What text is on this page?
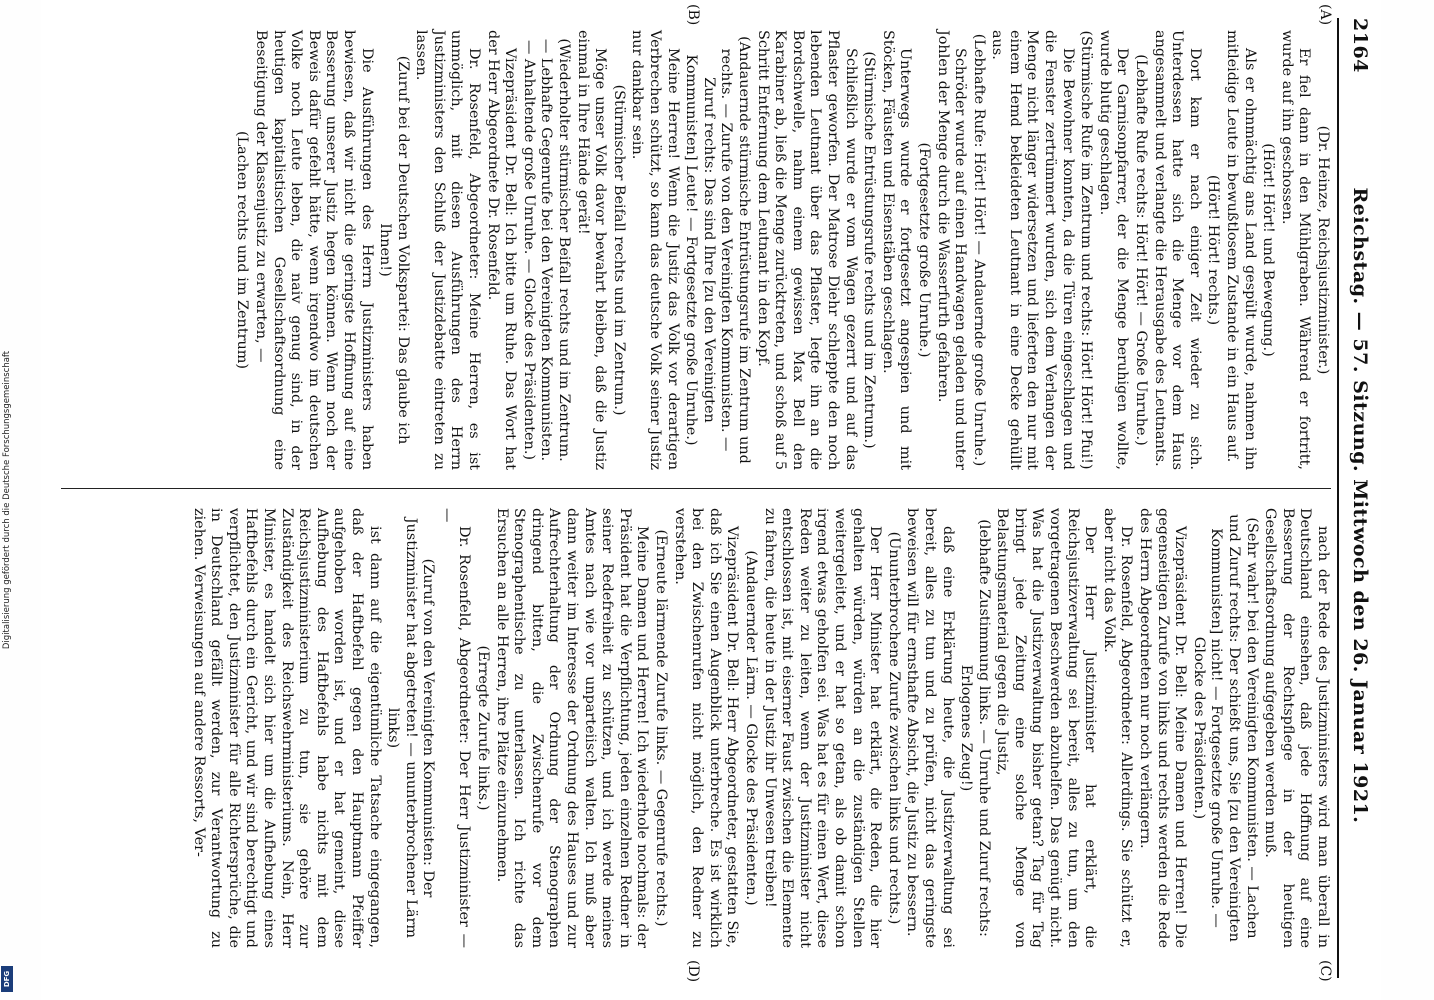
Digitalisierung gefördert durch die Deutsche Forschungsgemeinschaft
DFG
2164
Reichstag. — 57. Sitzung. Mittwoch den 26. Januar 1921.
(A)
(B)
(C)
(D)

(Dr. Heinze, Reichsjustizminister.)

Er fiel dann in den Mühlgraben. Während er fortritt, wurde auf ihn geschossen.

(Hört! Hört! und Bewegung.)

Als er ohnmächtig ans Land gespült wurde, nahmen ihn mitleidige Leute in bewußtlosem Zustande in ein Haus auf.

(Hört! Hört! rechts.)

Dort kam er nach einiger Zeit wieder zu sich. Unterdessen hatte sich die Menge vor dem Haus angesammelt und verlangte die Herausgabe des Leutnants.

(Lebhafte Rufe rechts: Hört! Hört! — Große Unruhe.)

Der Garnisonpfarrer, der die Menge beruhigen wollte, wurde blutig geschlagen.

(Stürmische Rufe im Zentrum und rechts: Hört! Hört! Pfui!)

Die Bewohner konnten, da die Türen eingeschlagen und die Fenster zertrümmert wurden, sich dem Verlangen der Menge nicht länger widersetzen und lieferten den nur mit einem Hemd bekleideten Leutnant in eine Decke gehüllt aus.

(Lebhafte Rufe: Hört! Hört! — Andauernde große Unruhe.)

Schröder wurde auf einen Handwagen geladen und unter Johlen der Menge durch die Wasserfurth gefahren.

(Fortgesetzte große Unruhe.)

Unterwegs wurde er fortgesetzt angespien und mit Stöcken, Fäusten und Eisenstäben geschlagen.

(Stürmische Entrüstungsrufe rechts und im Zentrum.)

Schließlich wurde er vom Wagen gezerrt und auf das Pflaster geworfen. Der Matrose Diehr schleppte den noch lebenden Leutnant über das Pflaster, legte ihn an die Bordschwelle, nahm einem gewissen Max Bell den Karabiner ab, ließ die Menge zurücktreten, und schoß auf 5 Schritt Entfernung dem Leutnant in den Kopf.

(Andauernde stürmische Entrüstungsrufe im Zentrum und rechts. — Zurufe von den Vereinigten Kommunisten. — Zuruf rechts: Das sind Ihre [zu den Vereinigten Kommunisten] Leute! — Fortgesetzte große Unruhe.)

Meine Herren! Wenn die Justiz das Volk vor derartigen Verbrechen schützt, so kann das deutsche Volk seiner Justiz nur dankbar sein.

(Stürmischer Beifall rechts und im Zentrum.)

Möge unser Volk davor bewahrt bleiben, daß die Justiz einmal in Ihre Hände gerät!

(Wiederholter stürmischer Beifall rechts und im Zentrum. — Lebhafte Gegenrufe bei den Vereinigten Kommunisten. — Anhaltende große Unruhe. — Glocke des Präsidenten.)

Vizepräsident Dr. Bell: Ich bitte um Ruhe. Das Wort hat der Herr Abgeordnete Dr. Rosenfeld.

Dr. Rosenfeld, Abgeordneter: Meine Herren, es ist unmöglich, mit diesen Ausführungen des Herrn Justizministers den Schluß der Justizdebatte eintreten zu lassen.

(Zuruf bei der Deutschen Volkspartei: Das glaube ich Ihnen!)

Die Ausführungen des Herrn Justizministers haben bewiesen, daß wir nicht die geringste Hoffnung auf eine Besserung unserer Justiz hegen können. Wenn noch der Beweis dafür gefehlt hätte, wenn irgendwo im deutschen Volke noch Leute leben, die naiv genug sind, in der heutigen kapitalistischen Gesellschaftsordnung eine Beseitigung der Klassenjustiz zu erwarten, —

(Lachen rechts und im Zentrum)

nach der Rede des Justizministers wird man überall in Deutschland einsehen, daß jede Hoffnung auf eine Besserung der Rechtspflege in der heutigen Gesellschaftsordnung aufgegeben werden muß.

(Sehr wahr! bei den Vereinigten Kommunisten. — Lachen und Zuruf rechts: Der schießt uns, Sie [zu den Vereinigten Kommunisten] nicht! — Fortgesetzte große Unruhe. — Glocke des Präsidenten.)

Vizepräsident Dr. Bell: Meine Damen und Herren! Die gegenseitigen Zurufe von links und rechts werden die Rede des Herrn Abgeordneten nur noch verlängern.

Dr. Rosenfeld, Abgeordneter: Allerdings. Sie schützt er, aber nicht das Volk.

Der Herr Justizminister hat erklärt, die Reichsjustizverwaltung sei bereit, alles zu tun, um den vorgetragenen Beschwerden abzuhelfen. Das genügt nicht. Was hat die Justizverwaltung bisher getan? Tag für Tag bringt jede Zeitung eine solche Menge von Belastungsmaterial gegen die Justiz,

(lebhafte Zustimmung links. — Unruhe und Zuruf rechts: Erlogenes Zeug!)

daß eine Erklärung heute, die Justizverwaltung sei bereit, alles zu tun und zu prüfen, nicht das geringste beweisen will für ernsthafte Absicht, die Justiz zu bessern.

(Ununterbrochene Zurufe zwischen links und rechts.)

Der Herr Minister hat erklärt, die Reden, die hier gehalten würden, würden an die zuständigen Stellen weitergeleitet, und er hat so getan, als ob damit schon irgend etwas geholfen sei. Was hat es für einen Wert, diese Reden weiter zu leiten, wenn der Justizminister nicht entschlossen ist, mit eiserner Faust zwischen die Elemente zu fahren, die heute in der Justiz ihr Unwesen treiben!

(Andauernder Lärm. — Glocke des Präsidenten.)

Vizepräsident Dr. Bell: Herr Abgeordneter, gestatten Sie, daß ich Sie einen Augenblick unterbreche. Es ist wirklich bei den Zwischenrufen nicht möglich, den Redner zu verstehen.

(Erneute lärmende Zurufe links. — Gegenrufe rechts.)

Meine Damen und Herren! Ich wiederhole nochmals: der Präsident hat die Verpflichtung, jeden einzelnen Redner in seiner Redefreiheit zu schützen, und ich werde meines Amtes nach wie vor unparteiisch walten. Ich muß aber dann weiter im Interesse der Ordnung des Hauses und zur Aufrechterhaltung der Ordnung der Stenographen dringend bitten, die Zwischenrufe vor dem Stenographentische zu unterlassen. Ich richte das Ersuchen an alle Herren, ihre Plätze einzunehmen.

(Erregte Zurufe links.)

Dr. Rosenfeld, Abgeordneter: Der Herr Justizminister — —

(Zuruf von den Vereinigten Kommunisten: Der Justizminister hat abgetreten! — ununterbrochener Lärm links)

ist dann auf die eigentümliche Tatsache eingegangen, daß der Haftbefehl gegen den Hauptmann Pfeiffer aufgehoben worden ist, und er hat gemeint, diese Aufhebung des Haftbefehls habe nichts mit dem Reichsjustizministerium zu tun, sie gehöre zur Zuständigkeit des Reichswehrministeriums. Nein, Herr Minister, es handelt sich hier um die Aufhebung eines Haftbefehls durch ein Gericht, und wir sind berechtigt und verpflichtet, den Justizminister für alle Richtersprüche, die in Deutschland gefällt werden, zur Verantwortung zu ziehen. Verweisungen auf andere Ressorts, Ver-
